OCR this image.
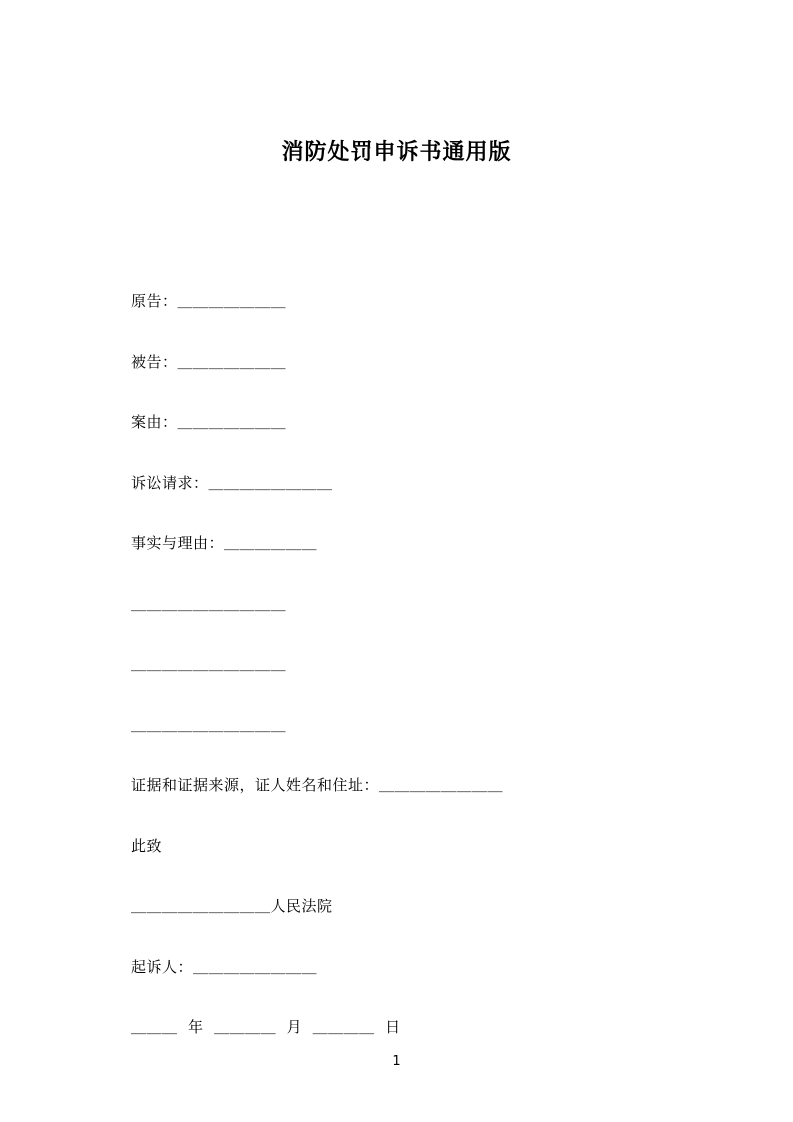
消防处罚申诉书通用版

原告：＿＿＿＿＿＿＿

被告：＿＿＿＿＿＿＿

案由：＿＿＿＿＿＿＿

诉讼请求：＿＿＿＿＿＿＿＿

事实与理由：＿＿＿＿＿＿

＿＿＿＿＿＿＿＿＿＿

＿＿＿＿＿＿＿＿＿＿

＿＿＿＿＿＿＿＿＿＿

证据和证据来源，证人姓名和住址：＿＿＿＿＿＿＿＿

此致

＿＿＿＿＿＿＿＿＿人民法院

起诉人：＿＿＿＿＿＿＿＿

＿＿＿  年  ＿＿＿＿  月  ＿＿＿＿  日

1
